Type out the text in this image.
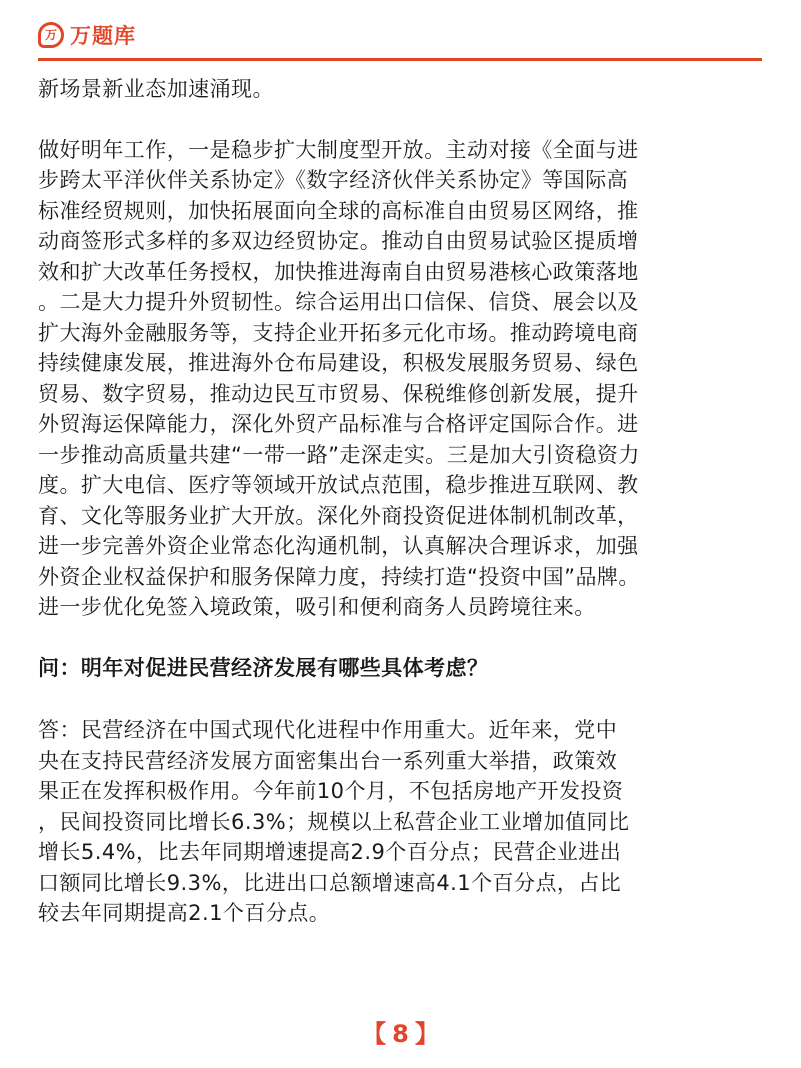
万 万题库

新场景新业态加速涌现。

做好明年工作，一是稳步扩大制度型开放。主动对接《全面与进
步跨太平洋伙伴关系协定》《数字经济伙伴关系协定》等国际高
标准经贸规则，加快拓展面向全球的高标准自由贸易区网络，推
动商签形式多样的多双边经贸协定。推动自由贸易试验区提质增
效和扩大改革任务授权，加快推进海南自由贸易港核心政策落地
。二是大力提升外贸韧性。综合运用出口信保、信贷、展会以及
扩大海外金融服务等，支持企业开拓多元化市场。推动跨境电商
持续健康发展，推进海外仓布局建设，积极发展服务贸易、绿色
贸易、数字贸易，推动边民互市贸易、保税维修创新发展，提升
外贸海运保障能力，深化外贸产品标准与合格评定国际合作。进
一步推动高质量共建“一带一路”走深走实。三是加大引资稳资力
度。扩大电信、医疗等领域开放试点范围，稳步推进互联网、教
育、文化等服务业扩大开放。深化外商投资促进体制机制改革，
进一步完善外资企业常态化沟通机制，认真解决合理诉求，加强
外资企业权益保护和服务保障力度，持续打造“投资中国”品牌。
进一步优化免签入境政策，吸引和便利商务人员跨境往来。

问：明年对促进民营经济发展有哪些具体考虑？

答：民营经济在中国式现代化进程中作用重大。近年来，党中
央在支持民营经济发展方面密集出台一系列重大举措，政策效
果正在发挥积极作用。今年前10个月，不包括房地产开发投资
，民间投资同比增长6.3%；规模以上私营企业工业增加值同比
增长5.4%，比去年同期增速提高2.9个百分点；民营企业进出
口额同比增长9.3%，比进出口总额增速高4.1个百分点，占比
较去年同期提高2.1个百分点。

【 8 】
